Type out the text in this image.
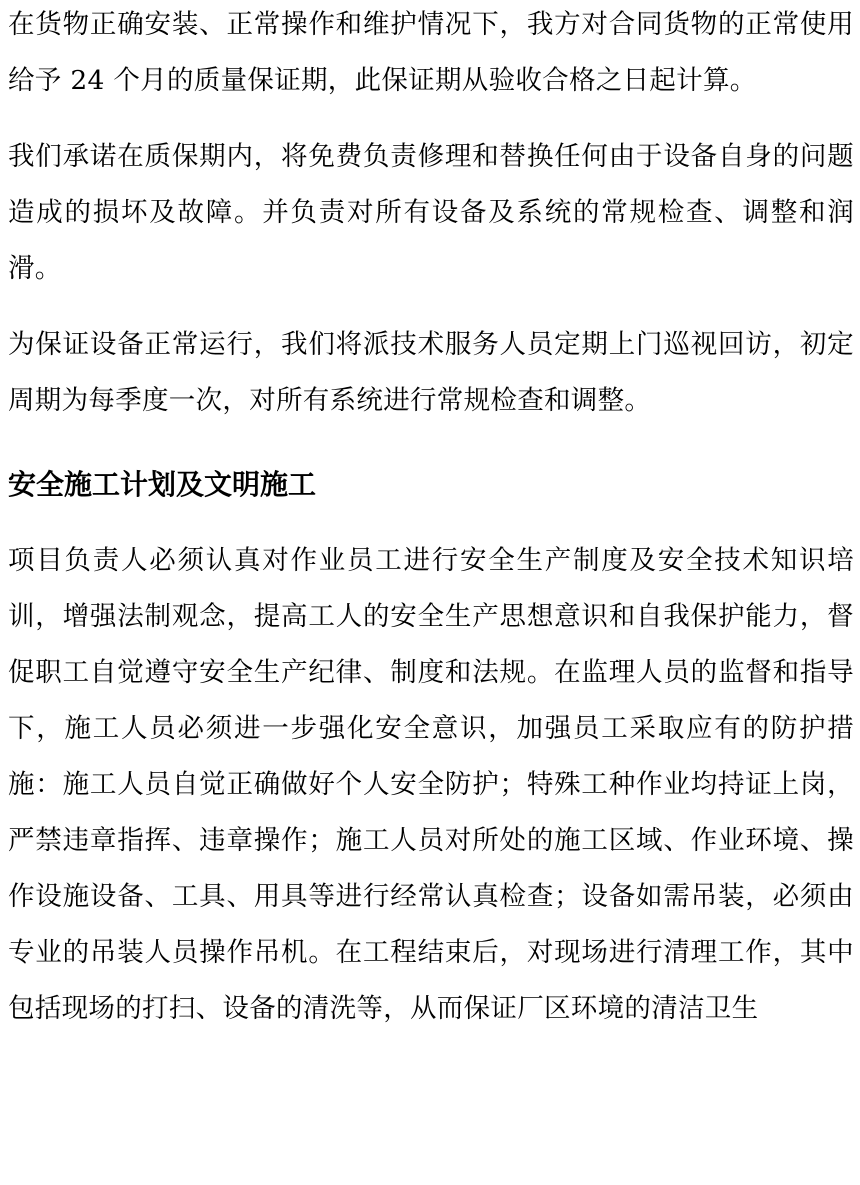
在货物正确安装、正常操作和维护情况下，我方对合同货物的正常使用给予 24 个月的质量保证期，此保证期从验收合格之日起计算。

我们承诺在质保期内，将免费负责修理和替换任何由于设备自身的问题造成的损坏及故障。并负责对所有设备及系统的常规检查、调整和润滑。

为保证设备正常运行，我们将派技术服务人员定期上门巡视回访，初定周期为每季度一次，对所有系统进行常规检查和调整。

安全施工计划及文明施工

项目负责人必须认真对作业员工进行安全生产制度及安全技术知识培训，增强法制观念，提高工人的安全生产思想意识和自我保护能力，督促职工自觉遵守安全生产纪律、制度和法规。在监理人员的监督和指导下，施工人员必须进一步强化安全意识，加强员工采取应有的防护措施：施工人员自觉正确做好个人安全防护；特殊工种作业均持证上岗，严禁违章指挥、违章操作；施工人员对所处的施工区域、作业环境、操作设施设备、工具、用具等进行经常认真检查；设备如需吊装，必须由专业的吊装人员操作吊机。在工程结束后，对现场进行清理工作，其中包括现场的打扫、设备的清洗等，从而保证厂区环境的清洁卫生
